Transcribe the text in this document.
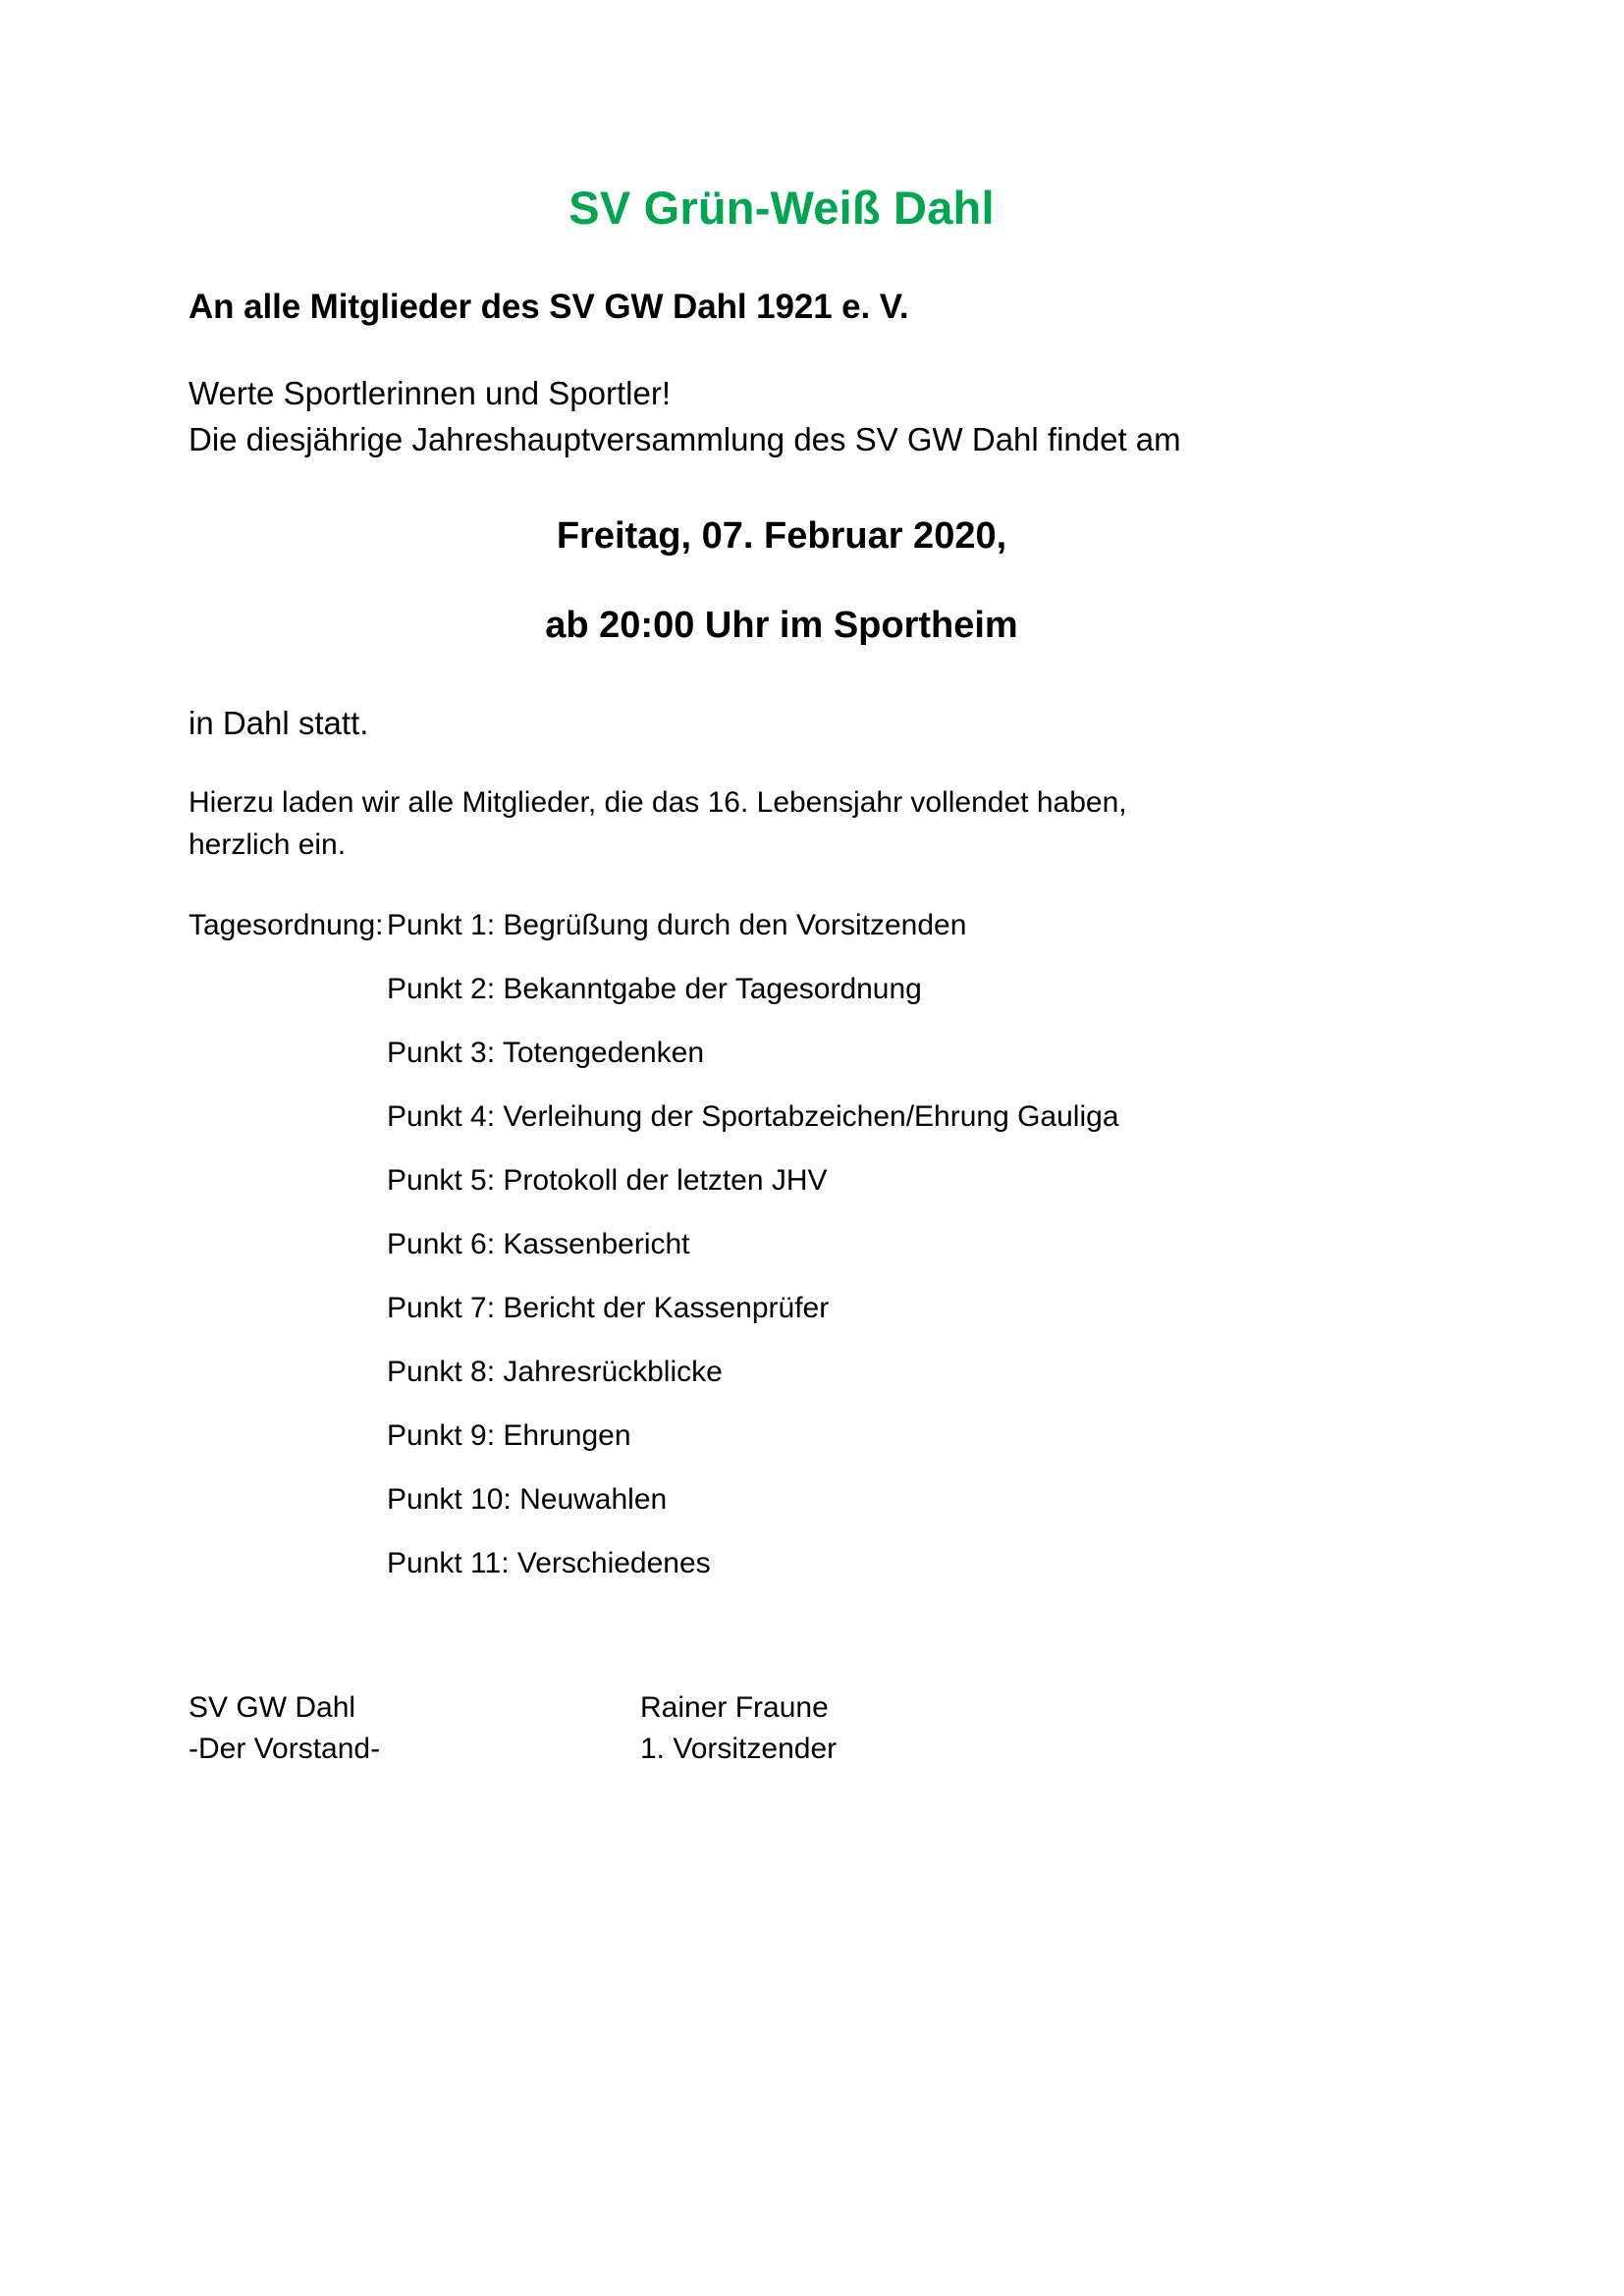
SV Grün-Weiß Dahl
An alle Mitglieder des SV GW Dahl 1921 e. V.

Werte Sportlerinnen und Sportler!
Die diesjährige Jahreshauptversammlung des SV GW Dahl findet am

Freitag, 07. Februar 2020,

ab 20:00 Uhr im Sportheim

in Dahl statt.

Hierzu laden wir alle Mitglieder, die das 16. Lebensjahr vollendet haben,
herzlich ein.

Tagesordnung: Punkt 1: Begrüßung durch den Vorsitzenden
Punkt 2: Bekanntgabe der Tagesordnung
Punkt 3: Totengedenken
Punkt 4: Verleihung der Sportabzeichen/Ehrung Gauliga
Punkt 5: Protokoll der letzten JHV
Punkt 6: Kassenbericht
Punkt 7: Bericht der Kassenprüfer
Punkt 8: Jahresrückblicke
Punkt 9: Ehrungen
Punkt 10: Neuwahlen
Punkt 11: Verschiedenes
SV GW Dahl
-Der Vorstand-
Rainer Fraune
1. Vorsitzender
